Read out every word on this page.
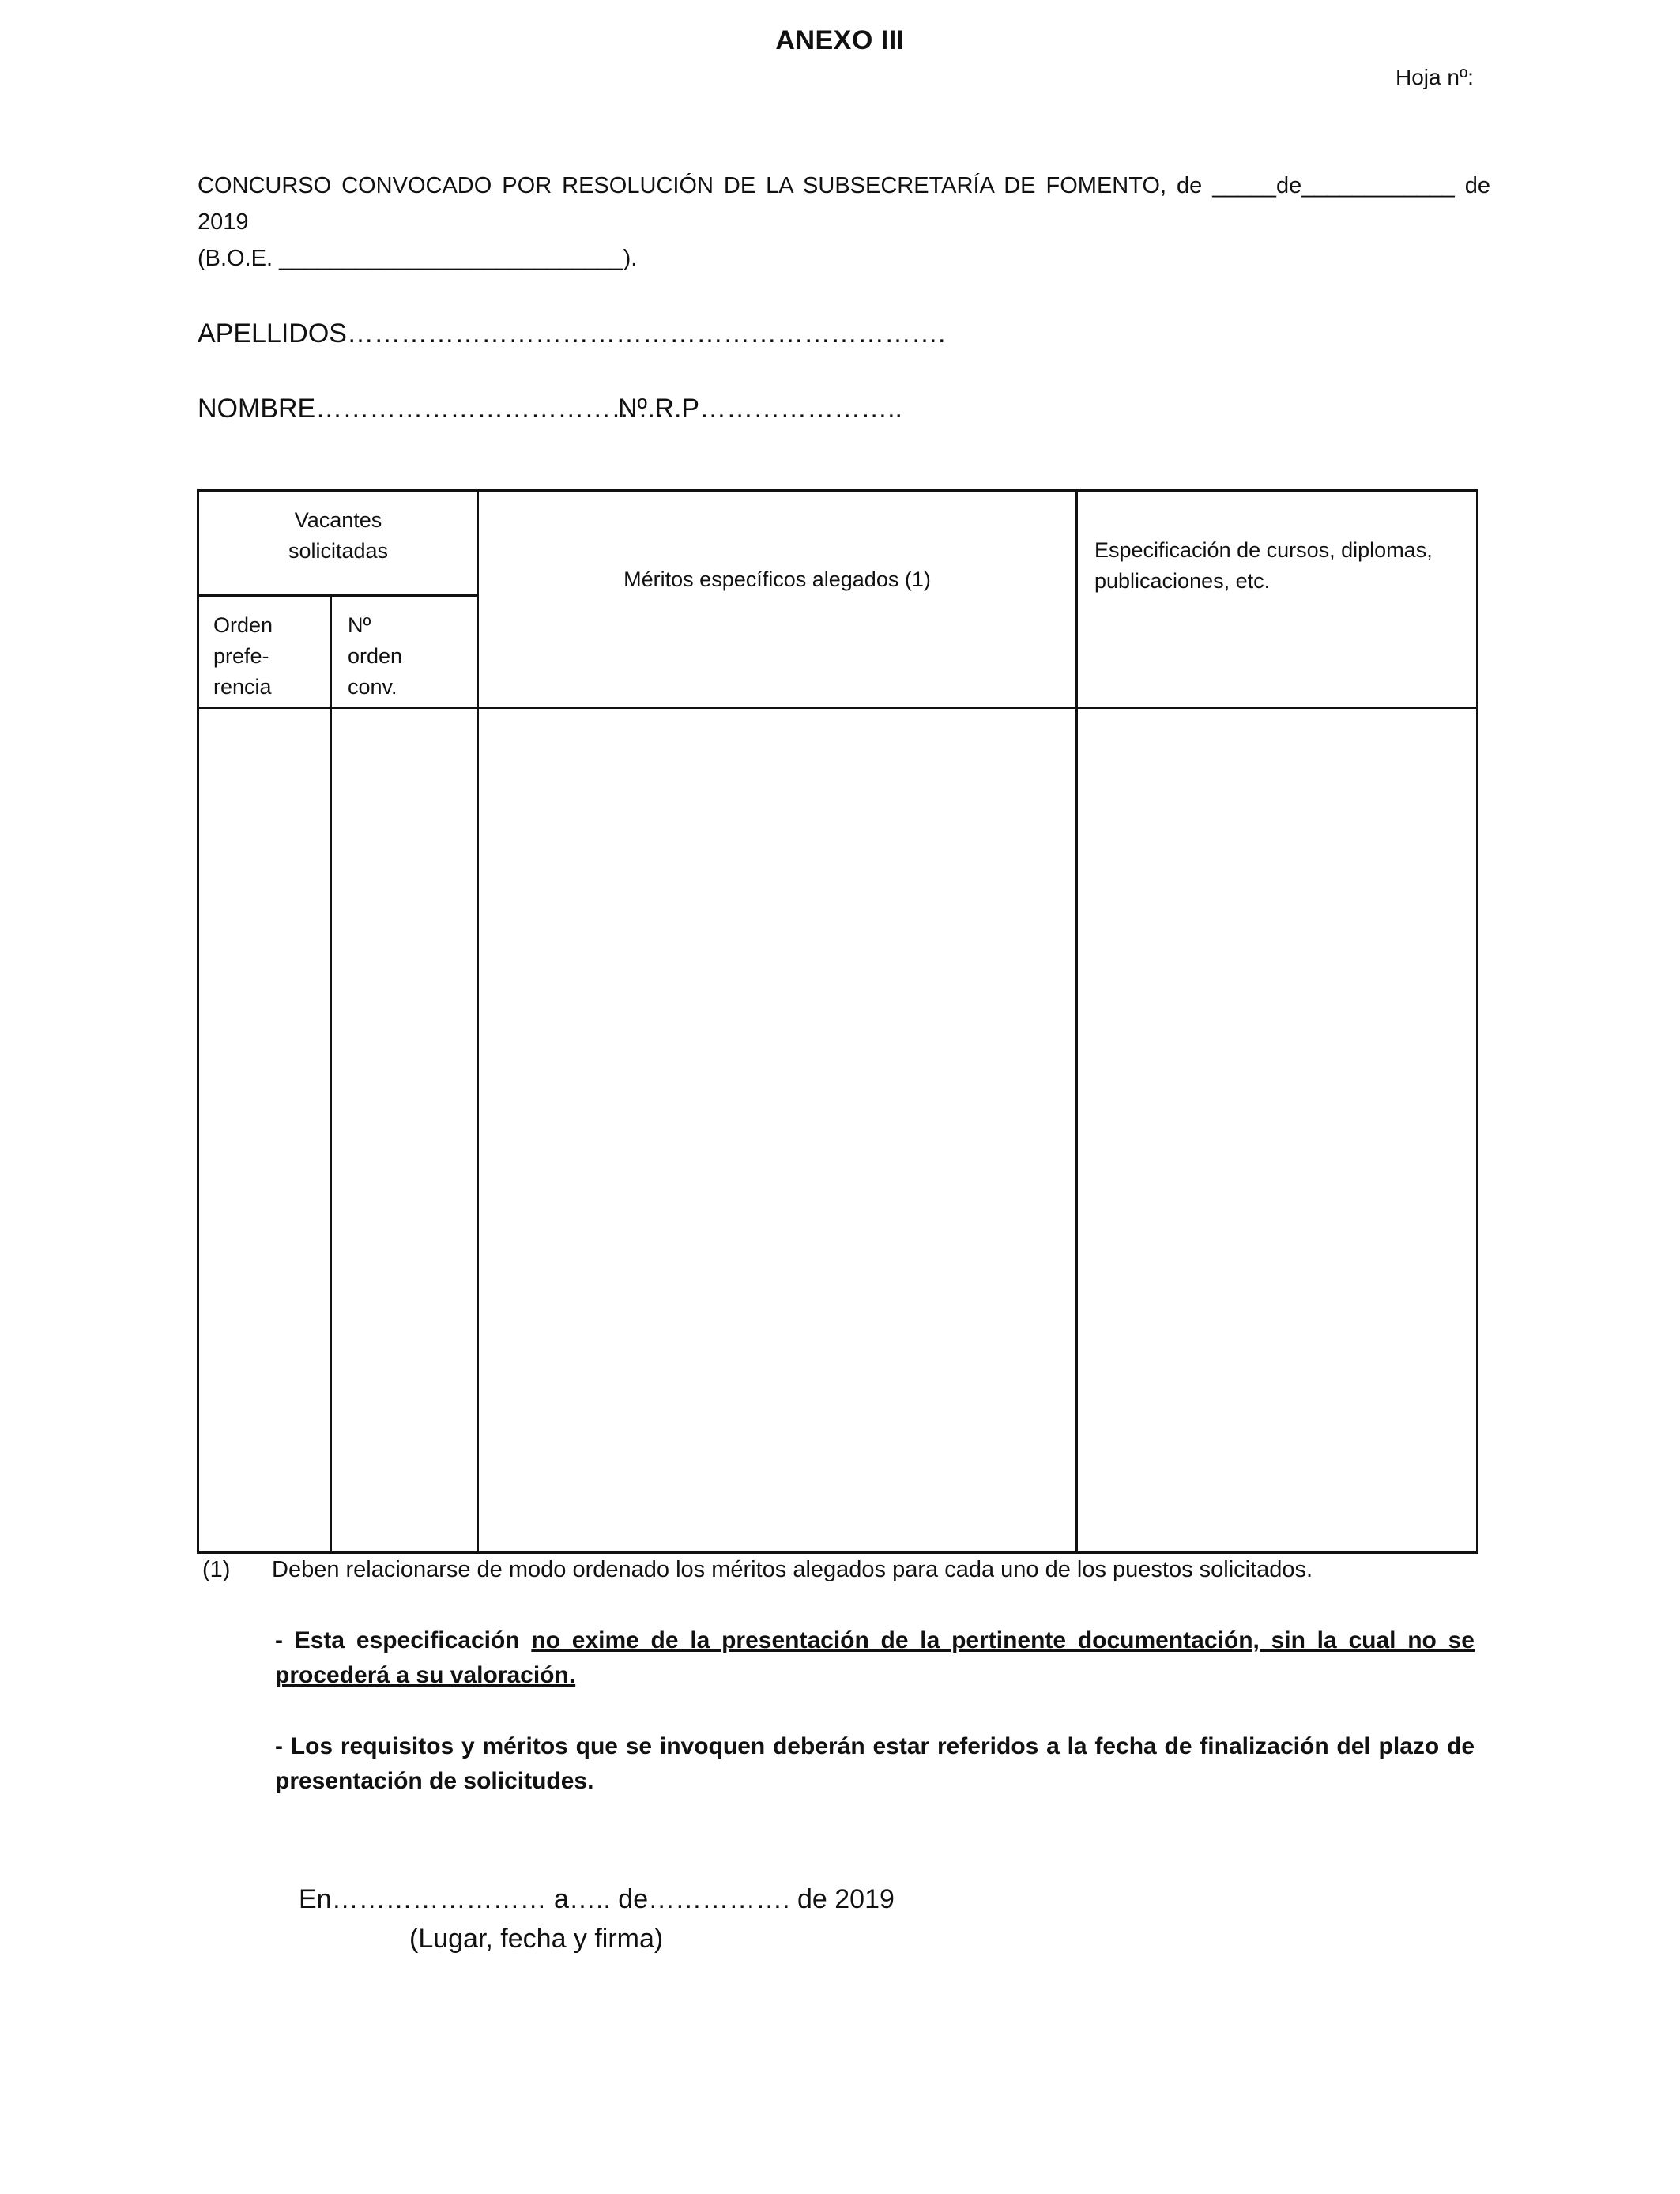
ANEXO III
Hoja nº:
CONCURSO CONVOCADO POR RESOLUCIÓN DE LA SUBSECRETARÍA DE FOMENTO, de _____de____________ de 2019
(B.O.E. ___________________________).
APELLIDOS………………………………………………………….
NOMBRE…………………………………
Nº R.P…………………..
Vacantes
solicitadas
Orden
prefe-
rencia
Nº
orden
conv.
Méritos específicos alegados (1)
Especificación de cursos, diplomas,
publicaciones, etc.
(1) Deben relacionarse de modo ordenado los méritos alegados para cada uno de los puestos solicitados.
- Esta especificación no exime de la presentación de la pertinente documentación, sin la cual no se procederá a su valoración.
- Los requisitos y méritos que se invoquen deberán estar referidos a la fecha de finalización del plazo de presentación de solicitudes.
En…………………… a….. de……………. de 2019
(Lugar, fecha y firma)
